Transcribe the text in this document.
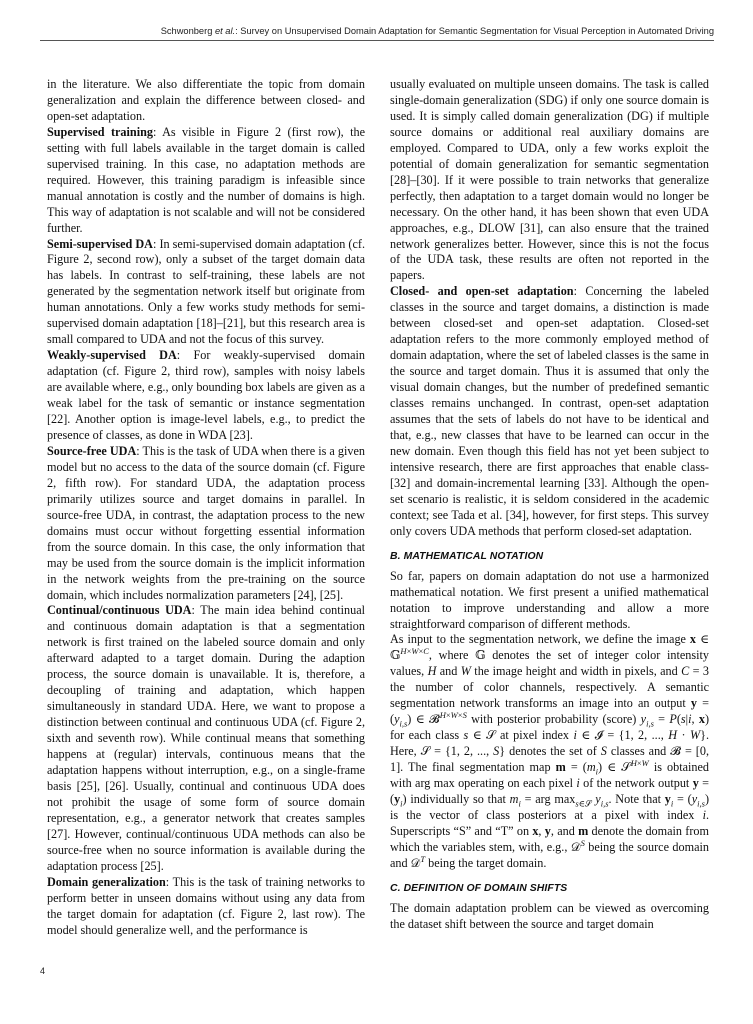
Schwonberg et al.: Survey on Unsupervised Domain Adaptation for Semantic Segmentation for Visual Perception in Automated Driving

in the literature. We also differentiate the topic from domain generalization and explain the difference between closed- and open-set adaptation.

Supervised training: As visible in Figure 2 (first row), the setting with full labels available in the target domain is called supervised training. In this case, no adaptation methods are required. However, this training paradigm is infeasible since manual annotation is costly and the number of domains is high. This way of adaptation is not scalable and will not be considered further.

Semi-supervised DA: In semi-supervised domain adaptation (cf. Figure 2, second row), only a subset of the target domain data has labels. In contrast to self-training, these labels are not generated by the segmentation network itself but originate from human annotations. Only a few works study methods for semi-supervised domain adaptation [18]–[21], but this research area is small compared to UDA and not the focus of this survey.

Weakly-supervised DA: For weakly-supervised domain adaptation (cf. Figure 2, third row), samples with noisy labels are available where, e.g., only bounding box labels are given as a weak label for the task of semantic or instance segmentation [22]. Another option is image-level labels, e.g., to predict the presence of classes, as done in WDA [23].

Source-free UDA: This is the task of UDA when there is a given model but no access to the data of the source domain (cf. Figure 2, fifth row). For standard UDA, the adaptation process primarily utilizes source and target domains in parallel. In source-free UDA, in contrast, the adaptation process to the new domains must occur without forgetting essential information from the source domain. In this case, the only information that may be used from the source domain is the implicit information in the network weights from the pre-training on the source domain, which includes normalization parameters [24], [25].

Continual/continuous UDA: The main idea behind continual and continuous domain adaptation is that a segmentation network is first trained on the labeled source domain and only afterward adapted to a target domain. During the adaption process, the source domain is unavailable. It is, therefore, a decoupling of training and adaptation, which happen simultaneously in standard UDA. Here, we want to propose a distinction between continual and continuous UDA (cf. Figure 2, sixth and seventh row). While continual means that something happens at (regular) intervals, continuous means that the adaptation happens without interruption, e.g., on a single-frame basis [25], [26]. Usually, continual and continuous UDA does not prohibit the usage of some form of source domain representation, e.g., a generator network that creates samples [27]. However, continual/continuous UDA methods can also be source-free when no source information is available during the adaptation process [25].

Domain generalization: This is the task of training networks to perform better in unseen domains without using any data from the target domain for adaptation (cf. Figure 2, last row). The model should generalize well, and the performance is

usually evaluated on multiple unseen domains. The task is called single-domain generalization (SDG) if only one source domain is used. It is simply called domain generalization (DG) if multiple source domains or additional real auxiliary domains are employed. Compared to UDA, only a few works exploit the potential of domain generalization for semantic segmentation [28]–[30]. If it were possible to train networks that generalize perfectly, then adaptation to a target domain would no longer be necessary. On the other hand, it has been shown that even UDA approaches, e.g., DLOW [31], can also ensure that the trained network generalizes better. However, since this is not the focus of the UDA task, these results are often not reported in the papers.

Closed- and open-set adaptation: Concerning the labeled classes in the source and target domains, a distinction is made between closed-set and open-set adaptation. Closed-set adaptation refers to the more commonly employed method of domain adaptation, where the set of labeled classes is the same in the source and target domain. Thus it is assumed that only the visual domain changes, but the number of predefined semantic classes remains unchanged. In contrast, open-set adaptation assumes that the sets of labels do not have to be identical and that, e.g., new classes that have to be learned can occur in the new domain. Even though this field has not yet been subject to intensive research, there are first approaches that enable class- [32] and domain-incremental learning [33]. Although the open-set scenario is realistic, it is seldom considered in the academic context; see Tada et al. [34], however, for first steps. This survey only covers UDA methods that perform closed-set adaptation.

B. MATHEMATICAL NOTATION

So far, papers on domain adaptation do not use a harmonized mathematical notation. We first present a unified mathematical notation to improve understanding and allow a more straightforward comparison of different methods.

As input to the segmentation network, we define the image x ∈ 𝔾$^{H\times W\times C}$, where 𝔾 denotes the set of integer color intensity values, H and W the image height and width in pixels, and C = 3 the number of color channels, respectively. A semantic segmentation network transforms an image into an output $y = (y_{i,s})$ ∈ 𝓑$^{H\times W\times S}$ with posterior probability (score) $y_{i,s} = P(s|i$, x) for each class s ∈ 𝒮 at pixel index i ∈ 𝓘 = {1, 2, ..., H · W}. Here, 𝒮 = {1, 2, ..., S} denotes the set of S classes and 𝓑 = [0, 1]. The final segmentation map $m = (m_i)$ ∈ 𝒮$^{H\times W}$ is obtained with arg max operating on each pixel i of the network output $y = (y_i)$ individually so that $m_i$ = arg $\max_{s\in 𝒮} y_{i,s}$. Note that $y_i = (y_{i,s})$ is the vector of class posteriors at a pixel with index i. Superscripts “S” and “T” on x, y, and m denote the domain from which the variables stem, with, e.g., 𝒟$^S$ being the source domain and 𝒟$^T$ being the target domain.

C. DEFINITION OF DOMAIN SHIFTS

The domain adaptation problem can be viewed as overcoming the dataset shift between the source and target domain

4
